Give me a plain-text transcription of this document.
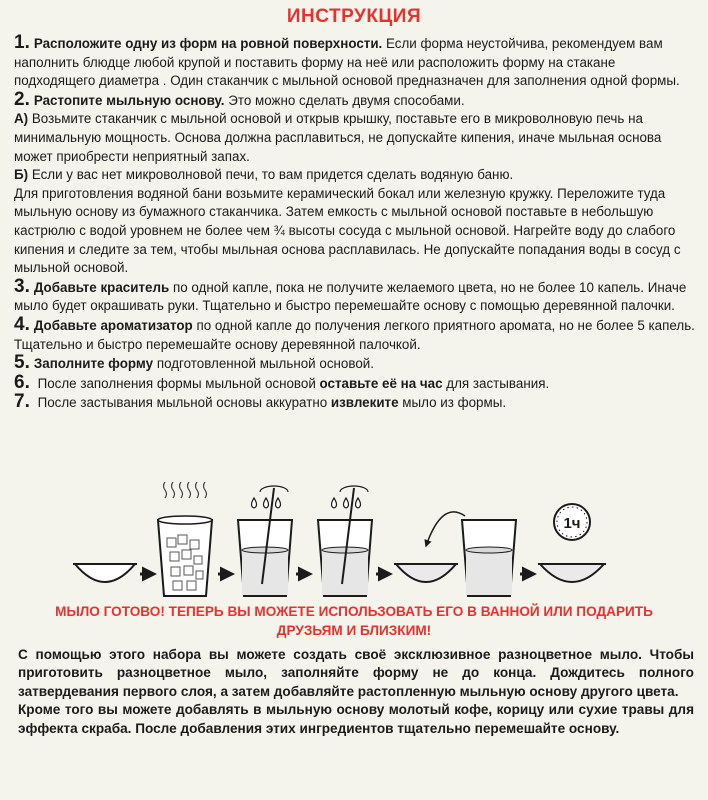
ИНСТРУКЦИЯ

1. Расположите одну из форм на ровной поверхности. Если форма неустойчива, рекомендуем вам наполнить блюдце любой крупой и поставить форму на неё или расположить форму на стакане подходящего диаметра . Один стаканчик с мыльной основой предназначен для заполнения одной формы.

2. Растопите мыльную основу. Это можно сделать двумя способами.

А) Возьмите стаканчик с мыльной основой и открыв крышку, поставьте его в микроволновую печь на минимальную мощность. Основа должна расплавиться, не допускайте кипения, иначе мыльная основа может приобрести неприятный запах.

Б) Если у вас нет микроволновой печи, то вам придется сделать водяную баню.

Для приготовления водяной бани возьмите керамический бокал или железную кружку. Переложите туда мыльную основу из бумажного стаканчика. Затем емкость с мыльной основой поставьте в небольшую кастрюлю с водой уровнем не более чем ¾ высоты сосуда с мыльной основой. Нагрейте воду до слабого кипения и следите за тем, чтобы мыльная основа расплавилась. Не допускайте попадания воды в сосуд с мыльной основой.

3. Добавьте краситель по одной капле, пока не получите желаемого цвета, но не более 10 капель. Иначе мыло будет окрашивать руки. Тщательно и быстро перемешайте основу с помощью деревянной палочки.

4. Добавьте ароматизатор по одной капле до получения легкого приятного аромата, но не более 5 капель. Тщательно и быстро перемешайте основу деревянной палочкой.

5. Заполните форму подготовленной мыльной основой.

6. После заполнения формы мыльной основой оставьте её на час для застывания.

7. После застывания мыльной основы аккуратно извлеките мыло из формы.

1ч
МЫЛО ГОТОВО! ТЕПЕРЬ ВЫ МОЖЕТЕ ИСПОЛЬЗОВАТЬ ЕГО В ВАННОЙ ИЛИ ПОДАРИТЬ
ДРУЗЬЯМ И БЛИЗКИМ!

С помощью этого набора вы можете создать своё эксклюзивное разноцветное мыло. Чтобы приготовить разноцветное мыло, заполняйте форму не до конца. Дождитесь полного затвердевания первого слоя, а затем добавляйте растопленную мыльную основу другого цвета.

Кроме того вы можете добавлять в мыльную основу молотый кофе, корицу или сухие травы для эффекта скраба. После добавления этих ингредиентов тщательно перемешайте основу.
